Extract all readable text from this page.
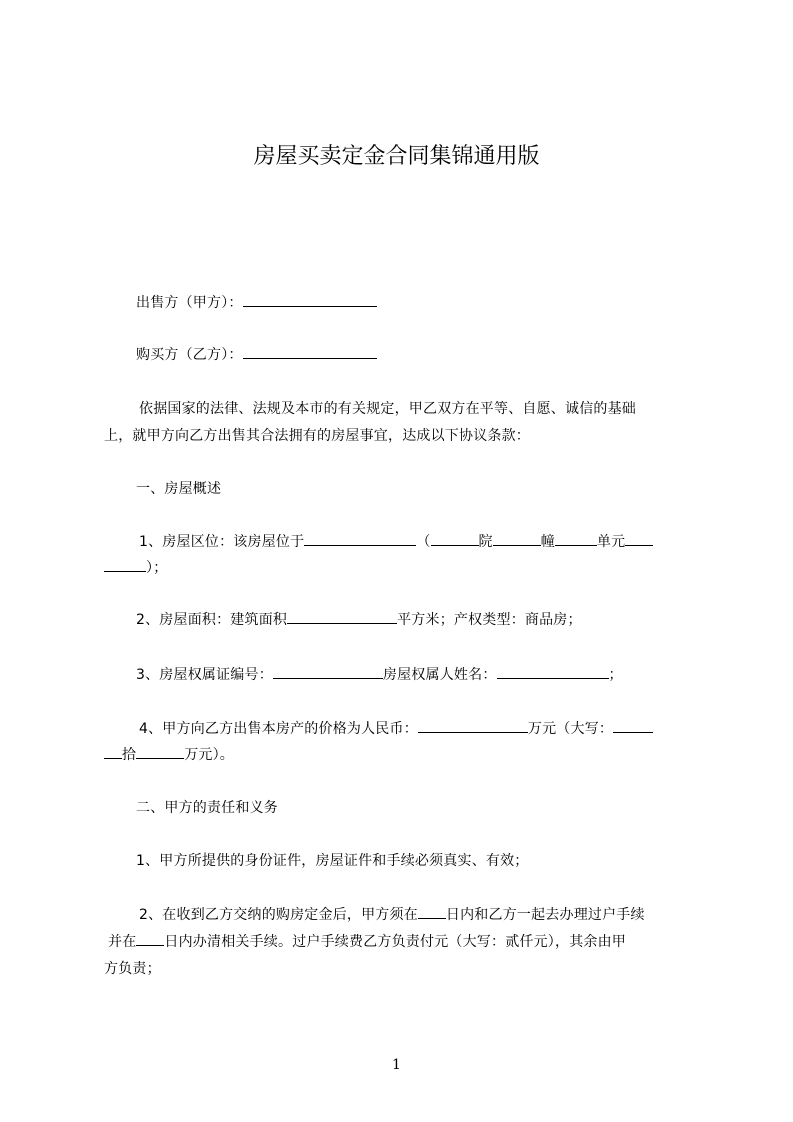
房屋买卖定金合同集锦通用版
出售方（甲方）：
购买方（乙方）：
依据国家的法律、法规及本市的有关规定，甲乙双方在平等、自愿、诚信的基础
上，就甲方向乙方出售其合法拥有的房屋事宜，达成以下协议条款：
一、房屋概述
1、房屋区位：该房屋位于	（	院	幢	单元
）；
2、房屋面积：建筑面积	平方米；产权类型：商品房；
3、房屋权属证编号：	房屋权属人姓名：	；
4、甲方向乙方出售本房产的价格为人民币：	万元（大写：
拾	万元）。
二、甲方的责任和义务
1、甲方所提供的身份证件，房屋证件和手续必须真实、有效；
2、在收到乙方交纳的购房定金后，甲方须在 日内和乙方一起去办理过户手续
并在 日内办清相关手续。过户手续费乙方负责付元（大写：贰仟元），其余由甲
方负责；
1
